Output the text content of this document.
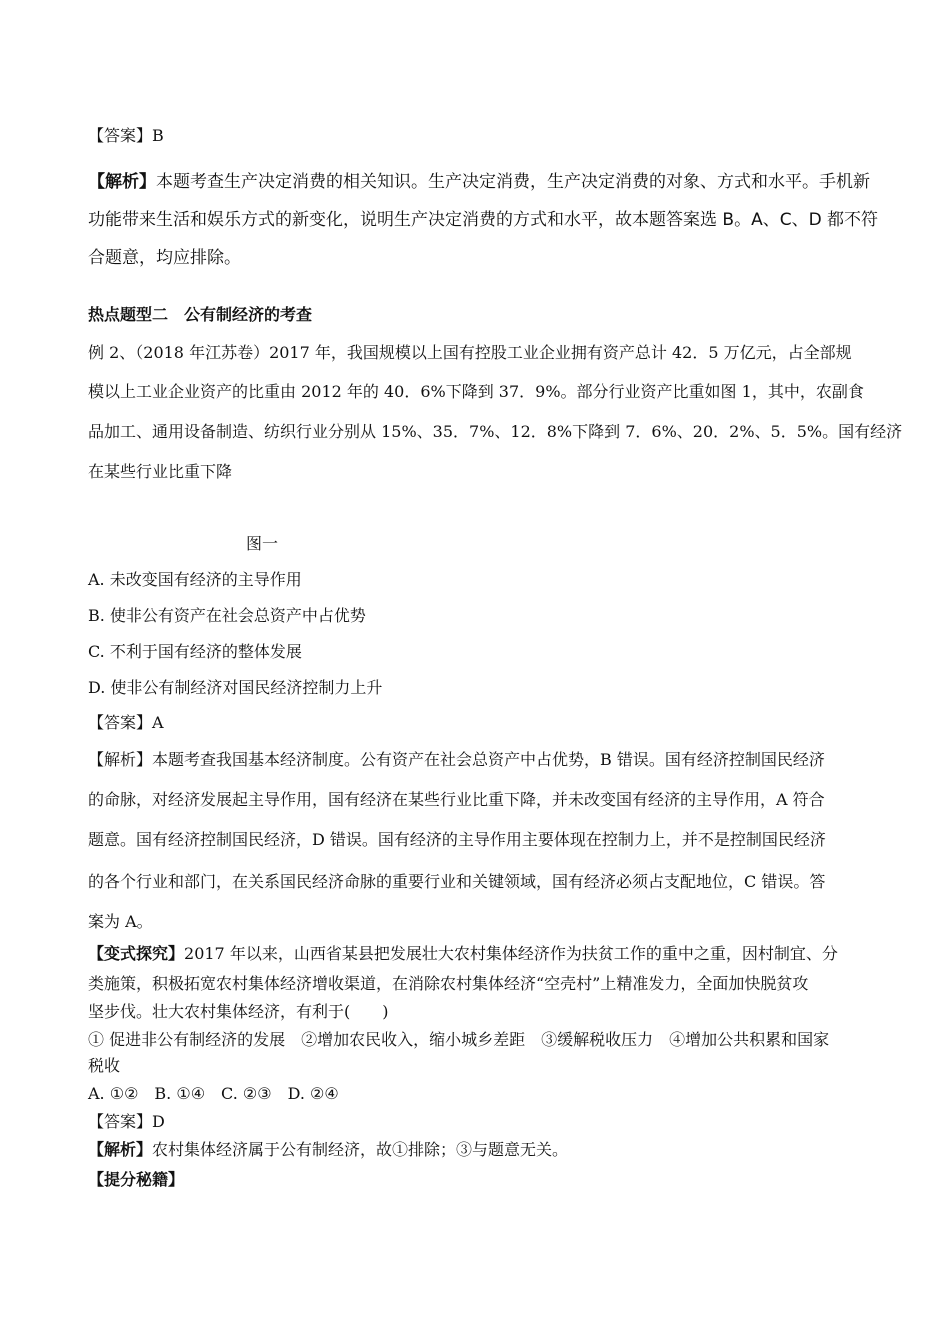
【答案】B
【解析】本题考查生产决定消费的相关知识。生产决定消费，生产决定消费的对象、方式和水平。手机新
功能带来生活和娱乐方式的新变化，说明生产决定消费的方式和水平，故本题答案选 B。A、C、D 都不符
合题意，均应排除。
热点题型二　公有制经济的考查
例 2、（2018 年江苏卷）2017 年，我国规模以上国有控股工业企业拥有资产总计 42．5 万亿元，占全部规
模以上工业企业资产的比重由 2012 年的 40．6%下降到 37．9%。部分行业资产比重如图 1，其中，农副食
品加工、通用设备制造、纺织行业分别从 15%、35．7%、12．8%下降到 7．6%、20．2%、5．5%。国有经济
在某些行业比重下降
图一
A. 未改变国有经济的主导作用
B. 使非公有资产在社会总资产中占优势
C. 不利于国有经济的整体发展
D. 使非公有制经济对国民经济控制力上升
【答案】A
【解析】本题考查我国基本经济制度。公有资产在社会总资产中占优势，B 错误。国有经济控制国民经济
的命脉，对经济发展起主导作用，国有经济在某些行业比重下降，并未改变国有经济的主导作用，A 符合
题意。国有经济控制国民经济，D 错误。国有经济的主导作用主要体现在控制力上，并不是控制国民经济
的各个行业和部门，在关系国民经济命脉的重要行业和关键领域，国有经济必须占支配地位，C 错误。答
案为 A。
【变式探究】2017 年以来，山西省某县把发展壮大农村集体经济作为扶贫工作的重中之重，因村制宜、分
类施策，积极拓宽农村集体经济增收渠道，在消除农村集体经济“空壳村”上精准发力，全面加快脱贫攻
坚步伐。壮大农村集体经济，有利于(　　)
① 促进非公有制经济的发展　②增加农民收入，缩小城乡差距　③缓解税收压力　④增加公共积累和国家
税收
A. ①②　B. ①④　C. ②③　D. ②④
【答案】D
【解析】农村集体经济属于公有制经济，故①排除；③与题意无关。
【提分秘籍】
